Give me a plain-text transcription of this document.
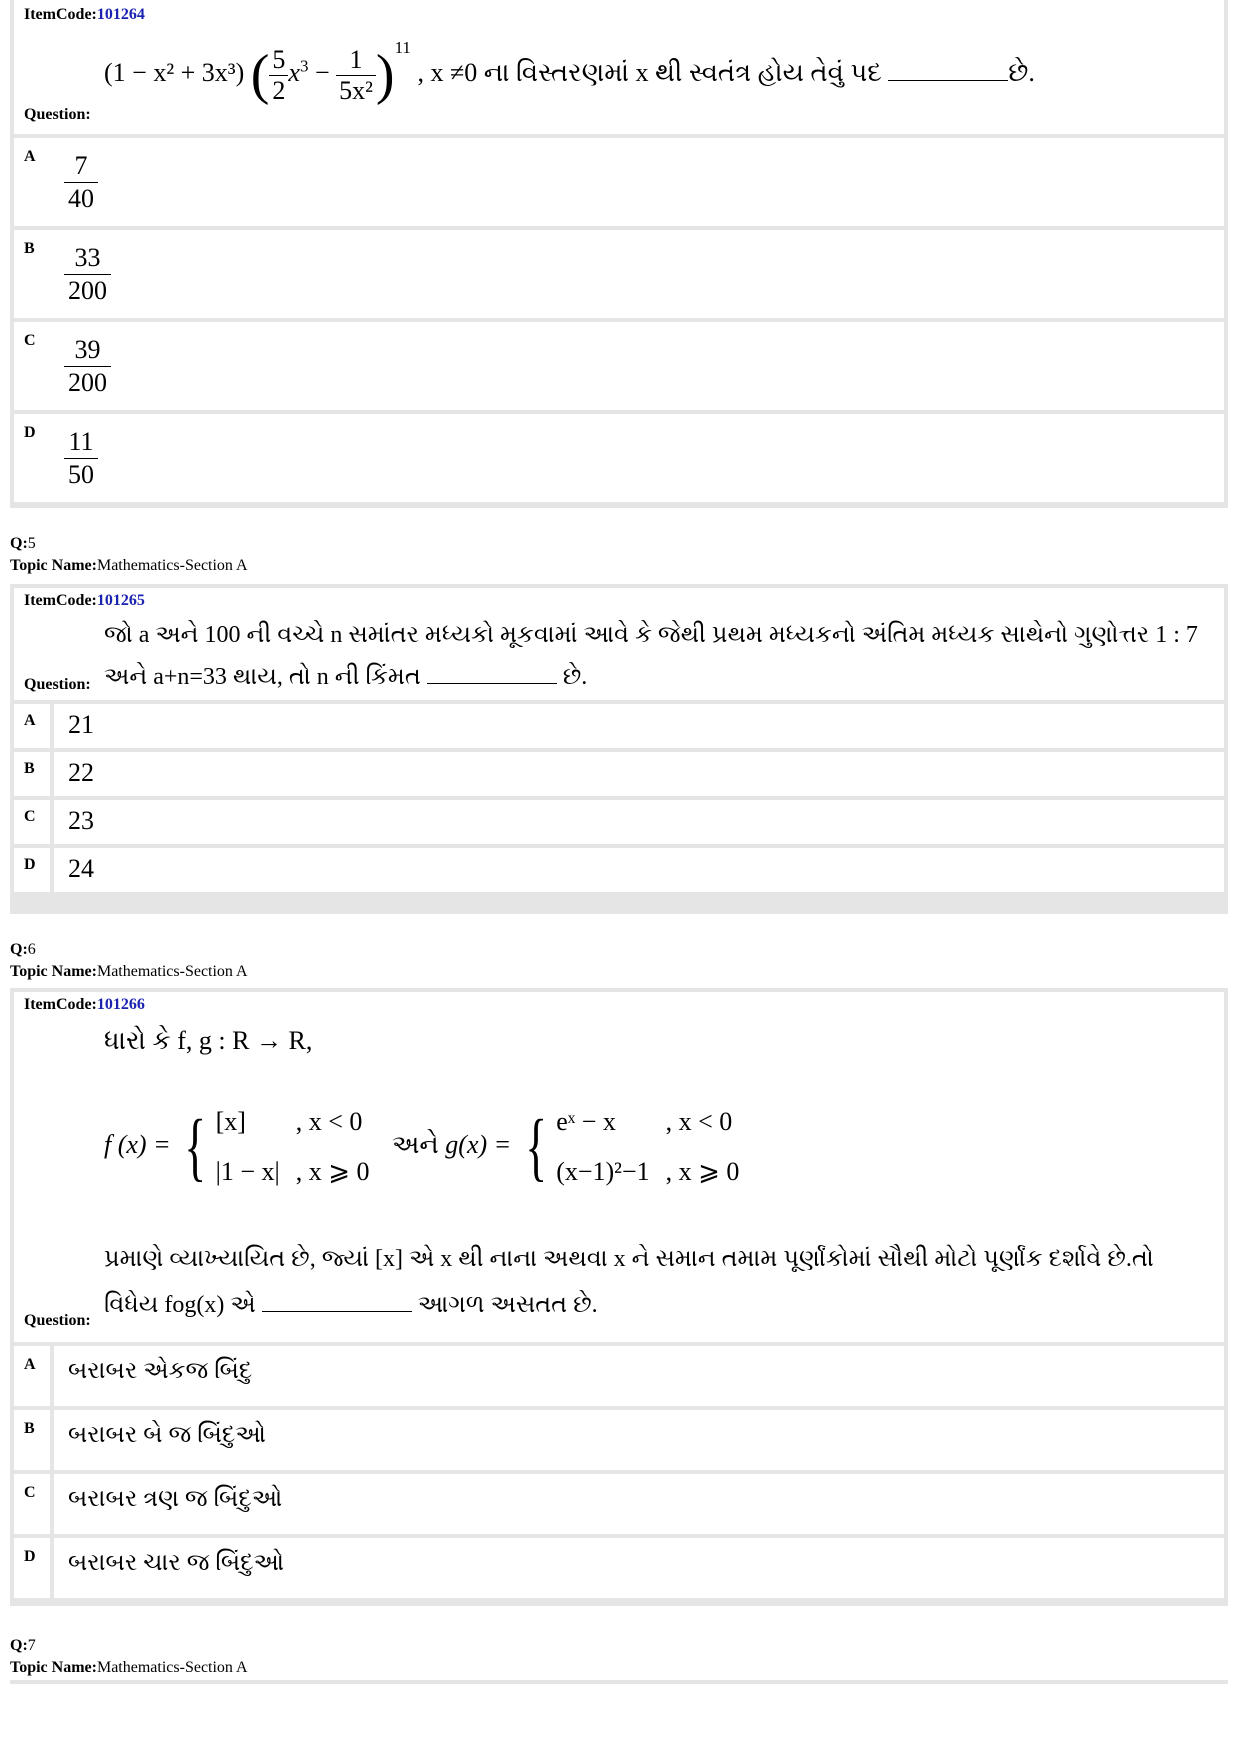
ItemCode:101264
Question:
(1 − x² + 3x³) ( $\frac{5}{2} x^3 - \frac{1}{\text{5x²}} )^{11}$ , x ≠0 ના વિસ્તરણમાં x થી સ્વતંત્ર હોય તેવું પદ	છે.
A $\frac{7}{40}$
B $\frac{33}{200}$
C $\frac{39}{200}$
D $\frac{11}{50}$
Q:5
Topic Name:Mathematics-Section A
ItemCode:101265
જો a અને 100 ની વચ્ચે n સમાંતર મધ્યકો મૂકવામાં આવે કે જેથી પ્રથમ મધ્યકનો અંતિમ મધ્યક સાથેનો ગુણોત્તર 1 : 7
અને a+n=33 થાય, તો n ની કિંમત	છે.
Question:
A 21
B 22
C 23
D 24
Q:6
Topic Name:Mathematics-Section A
ItemCode:101266
ધારો કે f, g : R → R,
f (x) = { [x]	, x < 0
|1 − x|	, x ⩾ 0 અને g(x) = { eˣ − x	, x < 0
(x−1)²−1	, x ⩾ 0
પ્રમાણે વ્યાખ્યાયિત છે, જ્યાં [x] એ x થી નાના અથવા x ને સમાન તમામ પૂર્ણાંકોમાં સૌથી મોટો પૂર્ણાંક દર્શાવે છે.તો
વિધેય fog(x) એ	આગળ અસતત છે.
Question:
A બરાબર એકજ બિંદુ
B બરાબર બે જ બિંદુઓ
C બરાબર ત્રણ જ બિંદુઓ
D બરાબર ચાર જ બિંદુઓ
Q:7
Topic Name:Mathematics-Section A
